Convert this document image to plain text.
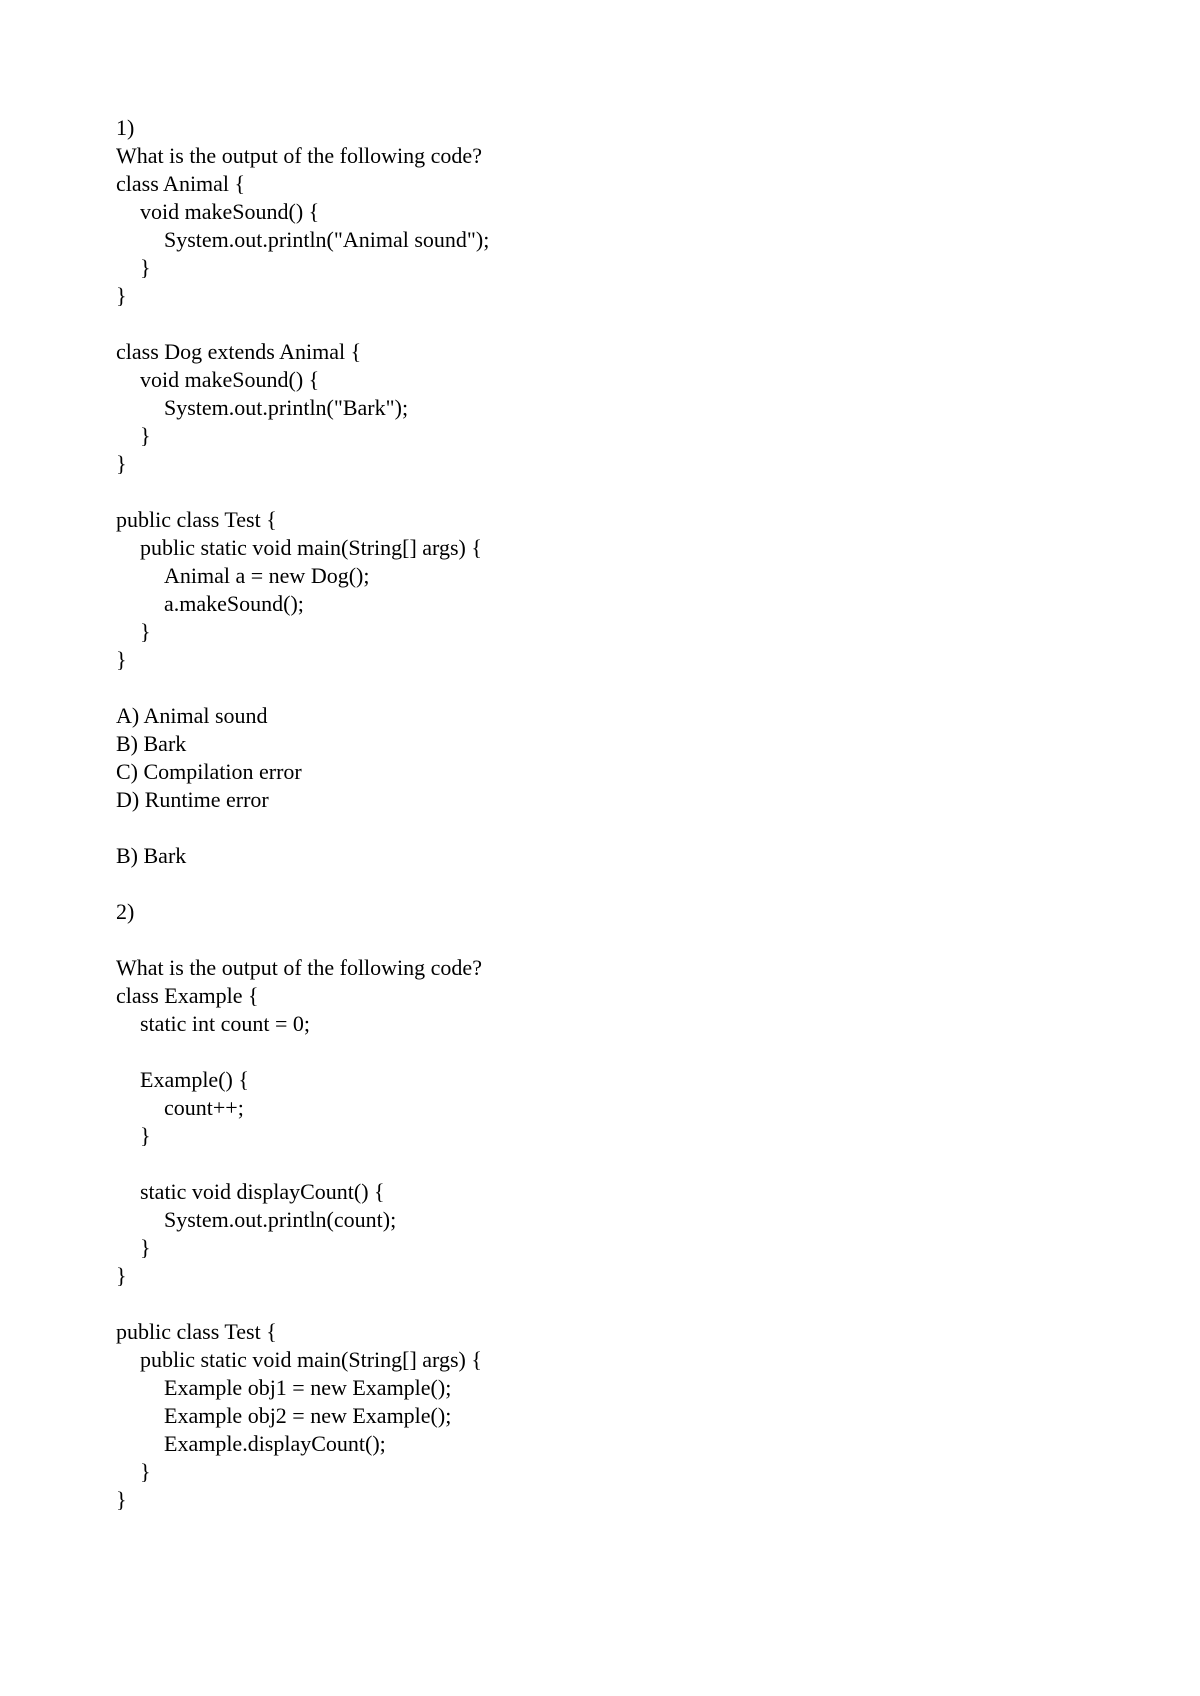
1)
What is the output of the following code?
class Animal {
void makeSound() {
System.out.println("Animal sound");
}
}
class Dog extends Animal {
void makeSound() {
System.out.println("Bark");
}
}
public class Test {
public static void main(String[] args) {
Animal a = new Dog();
a.makeSound();
}
}
A) Animal sound
B) Bark
C) Compilation error
D) Runtime error
B) Bark
2)
What is the output of the following code?
class Example {
static int count = 0;
Example() {
count++;
}
static void displayCount() {
System.out.println(count);
}
}
public class Test {
public static void main(String[] args) {
Example obj1 = new Example();
Example obj2 = new Example();
Example.displayCount();
}
}
